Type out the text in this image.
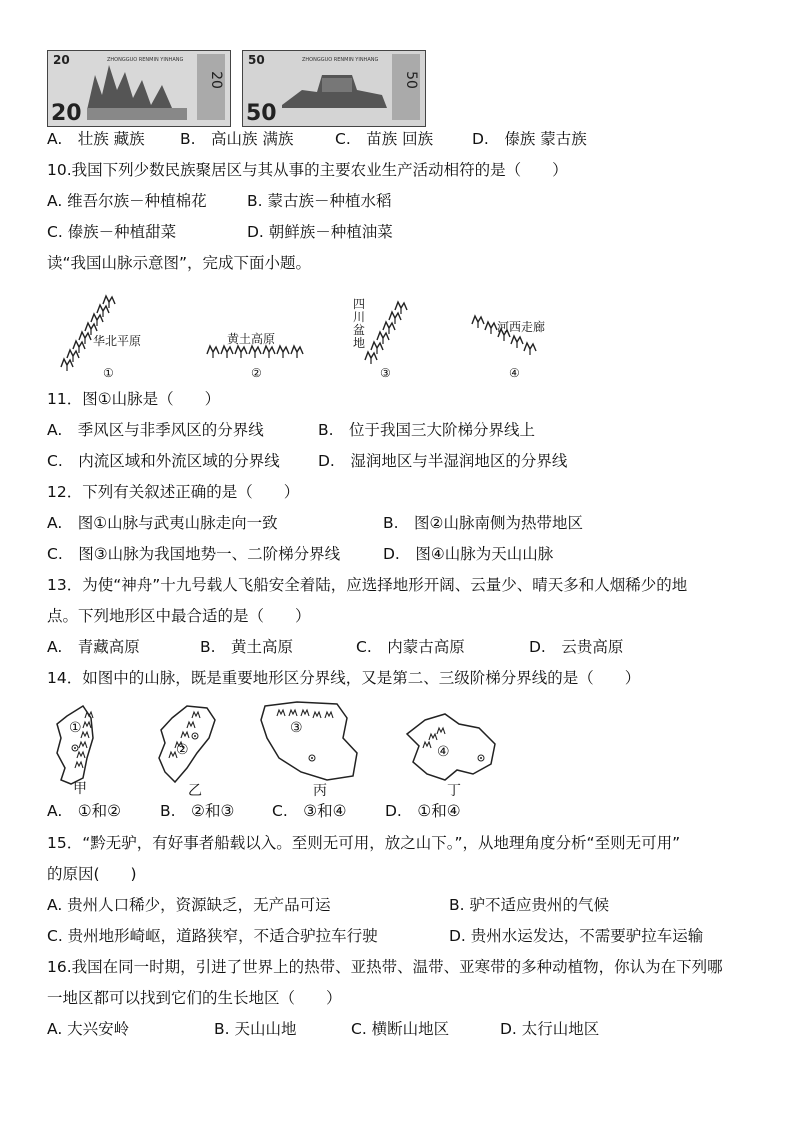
20
20
20
ZHONGGUO RENMIN YINHANG
50
50
50
ZHONGGUO RENMIN YINHANG
A.　壮族 藏族 B.　高山族 满族	C.　苗族 回族	D.　傣族 蒙古族
10.我国下列少数民族聚居区与其从事的主要农业生产活动相符的是（　　）
A. 维吾尔族－种植棉花	B. 蒙古族－种植水稻
C. 傣族－种植甜菜	D. 朝鲜族－种植油菜
读“我国山脉示意图”，完成下面小题。
华北平原	黄土高原
四川盆地
河西走廊
①	②	③	④
11．图①山脉是（　　）
A.　季风区与非季风区的分界线	B.　位于我国三大阶梯分界线上
C.　内流区域和外流区域的分界线 D.　湿润地区与半湿润地区的分界线
12．下列有关叙述正确的是（　　）
A.　图①山脉与武夷山脉走向一致	B.　图②山脉南侧为热带地区
C.　图③山脉为我国地势一、二阶梯分界线	D.　图④山脉为天山山脉
13．为使“神舟”十九号载人飞船安全着陆，应选择地形开阔、云量少、晴天多和人烟稀少的地
点。下列地形区中最合适的是（　　）
A.　青藏高原	B.　黄土高原	C.　内蒙古高原	D.　云贵高原
14．如图中的山脉，既是重要地形区分界线，又是第二、三级阶梯分界线的是（　　）
①
②
③
④
甲	乙	丙	丁
A.　①和②	B.　②和③ C.　③和④ D.　①和④
15．“黔无驴，有好事者船载以入。至则无可用，放之山下。”，从地理角度分析“至则无可用”
的原因(　　)
A. 贵州人口稀少，资源缺乏，无产品可运	B. 驴不适应贵州的气候
C. 贵州地形崎岖，道路狭窄，不适合驴拉车行驶	D. 贵州水运发达，不需要驴拉车运输
16.我国在同一时期，引进了世界上的热带、亚热带、温带、亚寒带的多种动植物，你认为在下列哪
一地区都可以找到它们的生长地区（　　）
A. 大兴安岭	B. 天山山地	C. 横断山地区	D. 太行山地区
